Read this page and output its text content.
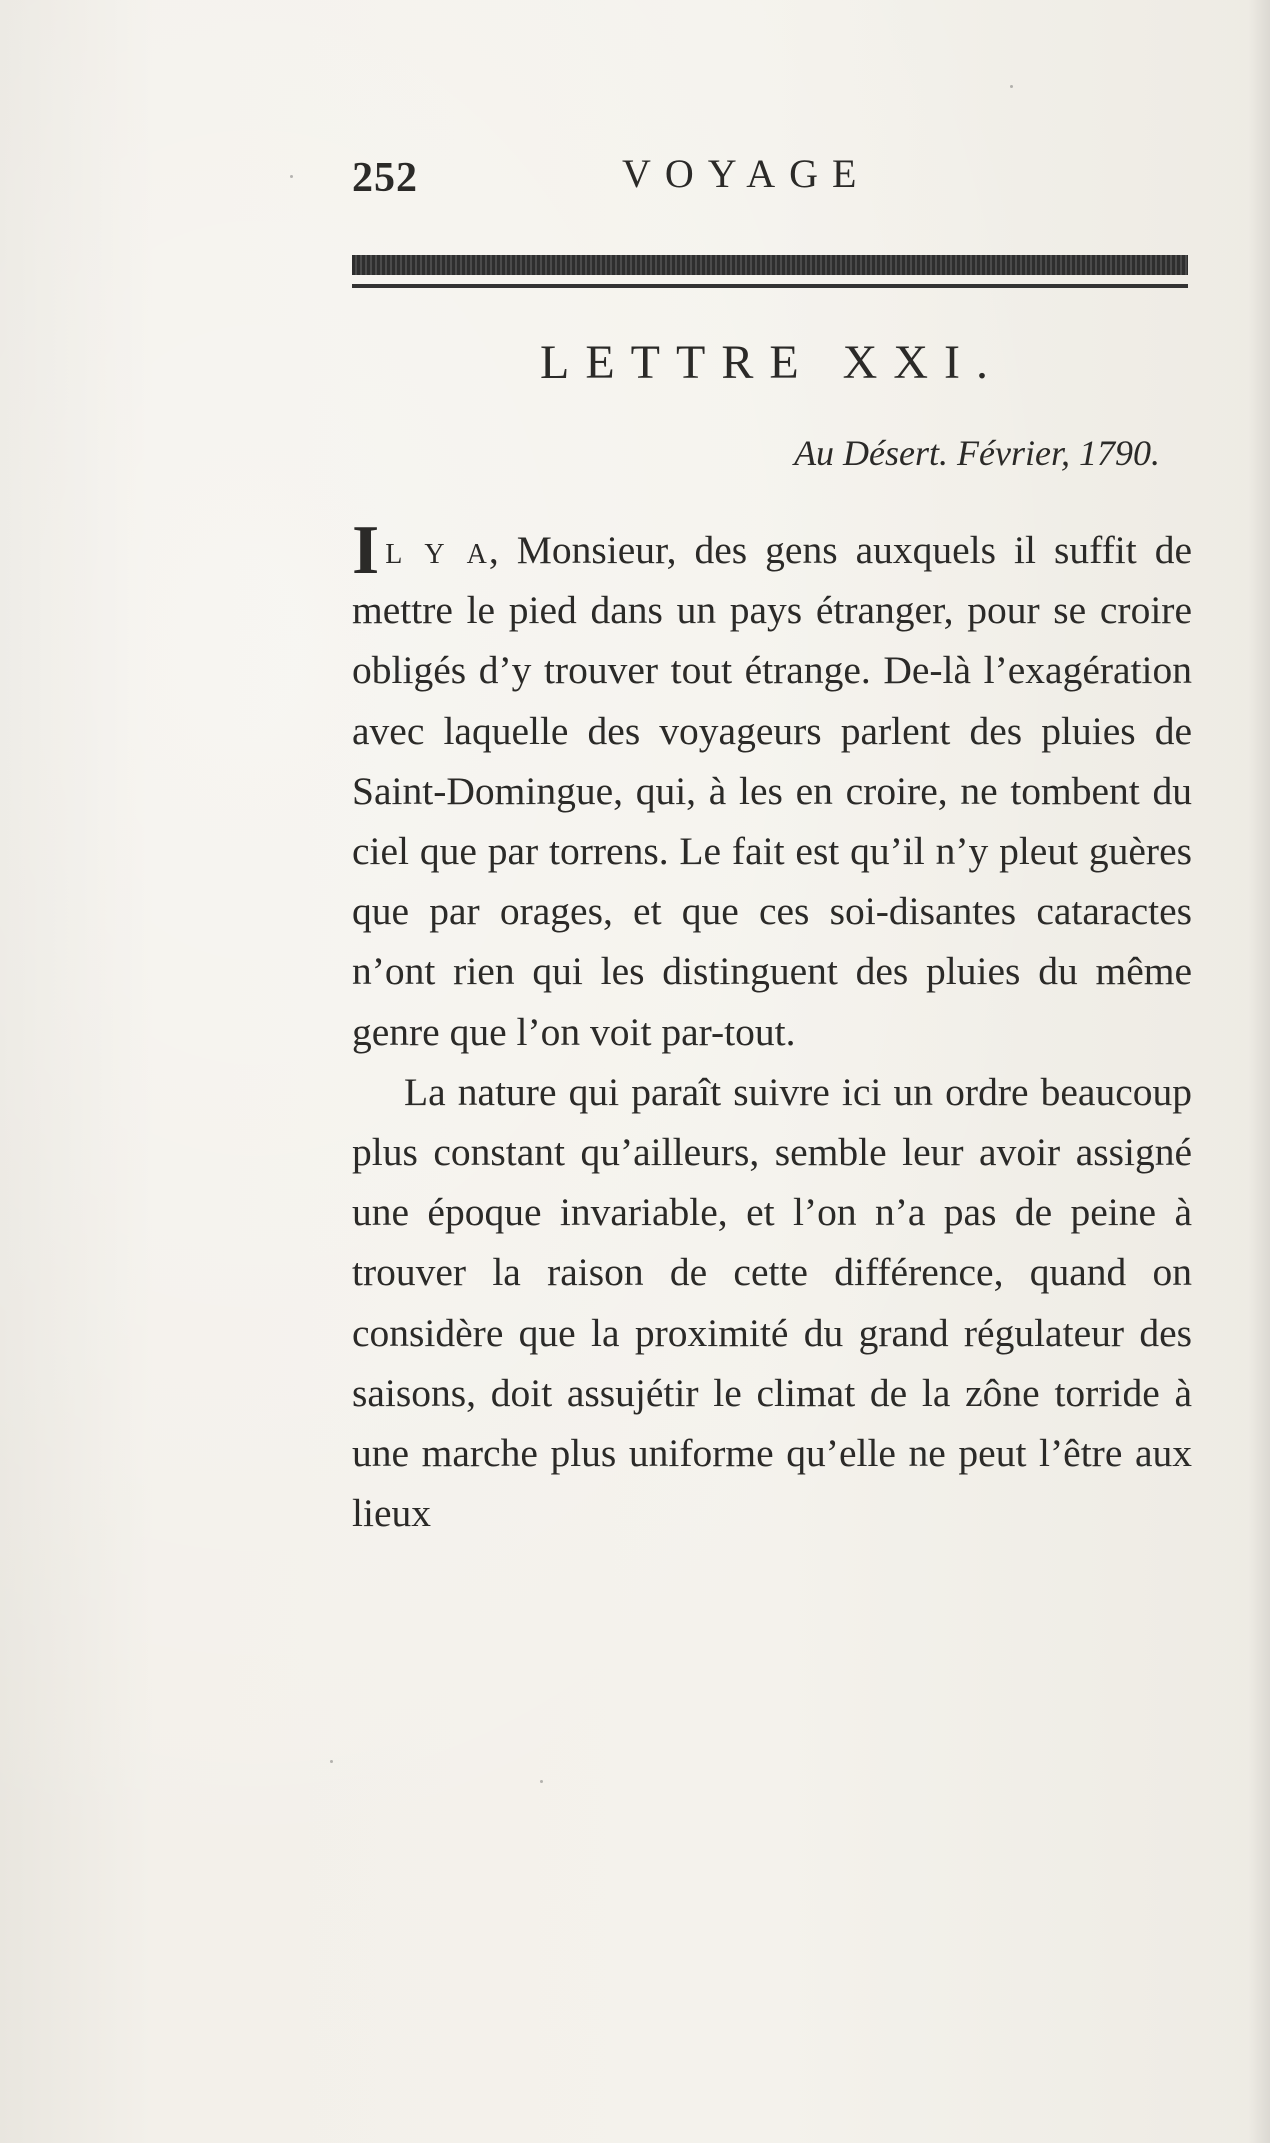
252	VOYAGE
LETTRE XXI.
Au Désert. Février, 1790.

Il y a, Monsieur, des gens auxquels il suffit de mettre le pied dans un pays étranger, pour se croire obligés d’y trouver tout étrange. De-là l’exagération avec laquelle des voyageurs parlent des pluies de Saint-Domingue, qui, à les en croire, ne tombent du ciel que par torrens. Le fait est qu’il n’y pleut guères que par orages, et que ces soi-disantes cataractes n’ont rien qui les distinguent des pluies du même genre que l’on voit par-tout.

La nature qui paraît suivre ici un ordre beaucoup plus constant qu’ailleurs, semble leur avoir assigné une époque invariable, et l’on n’a pas de peine à trouver la raison de cette différence, quand on considère que la proximité du grand régulateur des saisons, doit assujétir le climat de la zône torride à une marche plus uniforme qu’elle ne peut l’être aux lieux
